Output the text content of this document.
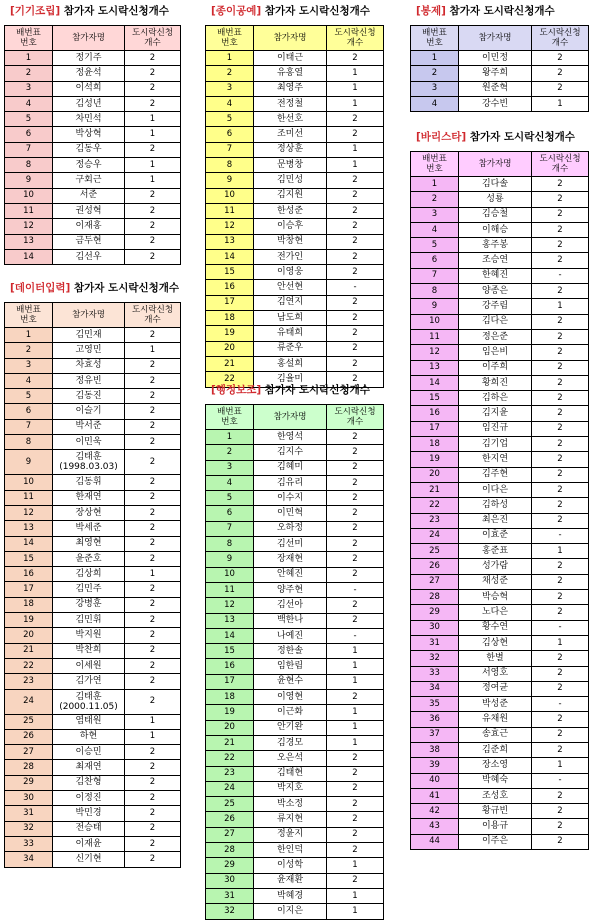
[기기조립] 참가자 도시락신청개수
배번표
번호	참가자명	도시락신청
개수

1	정기주	2
2	정윤석	2
3	이석희	2
4	김성년	2
5	차민석	1
6	박상혁	1
7	김동우	2
8	정승우	1
9	구회근	1
10	서준	2
11	권성혁	2
12	이재홍	2
13	금두현	2
14	김선우	2
[데이터입력] 참가자 도시락신청개수
배번표
번호	참가자명	도시락신청
개수

1	김민재	2
2	고영민	1
3	차효성	2
4	정유빈	2
5	김동진	2
6	이슬기	2
7	박서준	2
8	이민욱	2
9	김태훈
(1998.03.03)	2
10	김동휘	2
11	한재연	2
12	장상현	2
13	박세준	2
14	최영현	2
15	윤준호	2
16	김상희	1
17	김민주	2
18	강병훈	2
19	김민휘	2
20	박지원	2
21	박찬희	2
22	이세원	2
23	김가연	2
24	김태훈
(2000.11.05)	2
25	염태원	1
26	하현	1
27	이승민	2
28	최재연	2
29	김찬형	2
30	이정진	2
31	박민경	2
32	전승태	2
33	이재윤	2
34	신기현	2
[종이공예] 참가자 도시락신청개수
배번표
번호	참가자명	도시락신청
개수

1	이태근	2
2	유홍열	1
3	최영주	1
4	전정철	1
5	한선호	2
6	조미선	2
7	정상훈	1
8	문병창	1
9	김민성	2
10	김지원	2
11	한성준	2
12	이승후	2
13	박창현	2
14	전가인	2
15	이영웅	2
16	안선현	-
17	김연지	2
18	남도희	2
19	유태희	2
20	류준우	2
21	홍설희	2
22	김율미	2
[행정보조] 참가자 도시락신청개수
배번표
번호	참가자명	도시락신청
개수

1	한영석	2
2	김지수	2
3	김혜미	2
4	김유리	2
5	이수지	2
6	이민혁	2
7	오하정	2
8	김선미	2
9	장재현	2
10	안혜진	2
11	양주현	-
12	김선아	2
13	백한나	2
14	나예진	-
15	정한솔	1
16	임한림	1
17	윤현수	1
18	이영현	2
19	이근화	1
20	안기완	1
21	김경모	1
22	오은석	2
23	김태현	2
24	박지호	2
25	박소정	2
26	류지현	2
27	정윤지	2
28	한인덕	2
29	이성학	1
30	윤재환	2
31	박혜경	1
32	이지은	1
[봉제] 참가자 도시락신청개수
배번표
번호	참가자명	도시락신청
개수

1	이민정	2
2	왕주희	2
3	원준혁	2
4	강수빈	1
[바리스타] 참가자 도시락신청개수
배번표
번호	참가자명	도시락신청
개수

1	김다솔	2
2	성룡	2
3	김승철	2
4	이해승	2
5	홍주봉	2
6	조승연	2
7	한혜진	-
8	양종은	2
9	강주림	1
10	김다은	2
11	정은준	2
12	임은비	2
13	이주희	2
14	황희진	2
15	김하은	2
16	김지윤	2
17	임진규	2
18	김기업	2
19	한지연	2
20	김주현	2
21	이다은	2
22	김하성	2
23	최은진	2
24	이효준	-
25	홍준표	1
26	성가람	2
27	채성준	2
28	박승혁	2
29	노다은	2
30	황수연	-
31	김상현	1
32	한별	2
33	서영호	2
34	정여균	2
35	박성준	-
36	유채원	2
37	송효근	2
38	김준희	2
39	장소영	1
40	박혜숙	-
41	조성호	2
42	황규빈	2
43	이용규	2
44	이주은	2
